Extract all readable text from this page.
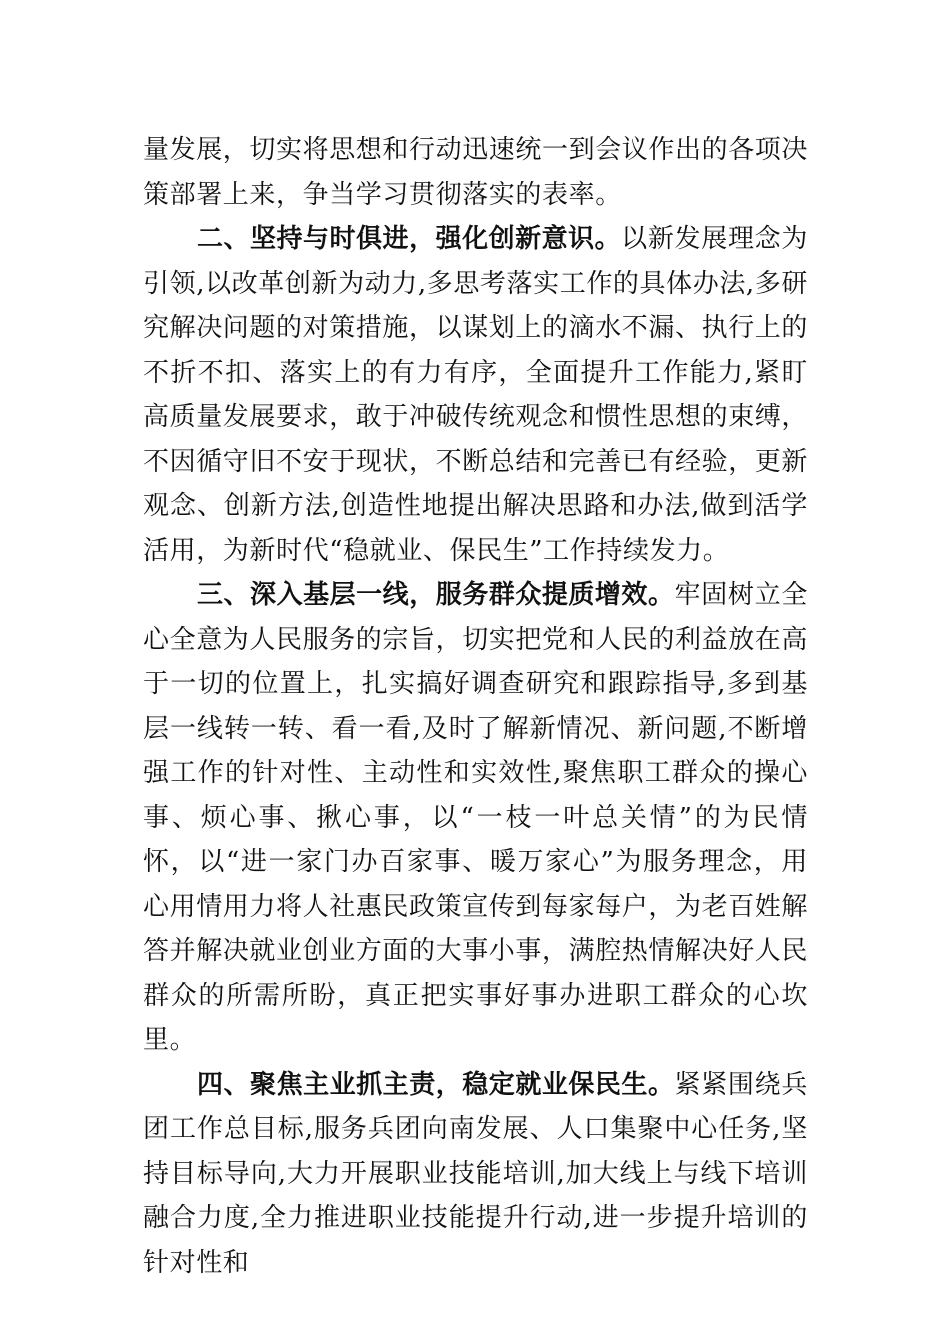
量发展，切实将思想和行动迅速统一到会议作出的各项决策部署上来，争当学习贯彻落实的表率。

二、坚持与时俱进，强化创新意识。以新发展理念为引领,以改革创新为动力,多思考落实工作的具体办法,多研究解决问题的对策措施，以谋划上的滴水不漏、执行上的不折不扣、落实上的有力有序，全面提升工作能力,紧盯高质量发展要求，敢于冲破传统观念和惯性思想的束缚，不因循守旧不安于现状，不断总结和完善已有经验，更新观念、创新方法,创造性地提出解决思路和办法,做到活学活用，为新时代“稳就业、保民生”工作持续发力。

三、深入基层一线，服务群众提质增效。牢固树立全心全意为人民服务的宗旨，切实把党和人民的利益放在高于一切的位置上，扎实搞好调查研究和跟踪指导,多到基层一线转一转、看一看,及时了解新情况、新问题,不断增强工作的针对性、主动性和实效性,聚焦职工群众的操心事、烦心事、揪心事，以“一枝一叶总关情”的为民情怀，以“进一家门办百家事、暖万家心”为服务理念，用心用情用力将人社惠民政策宣传到每家每户，为老百姓解答并解决就业创业方面的大事小事，满腔热情解决好人民群众的所需所盼，真正把实事好事办进职工群众的心坎里。

四、聚焦主业抓主责，稳定就业保民生。紧紧围绕兵团工作总目标,服务兵团向南发展、人口集聚中心任务,坚持目标导向,大力开展职业技能培训,加大线上与线下培训融合力度,全力推进职业技能提升行动,进一步提升培训的针对性和
